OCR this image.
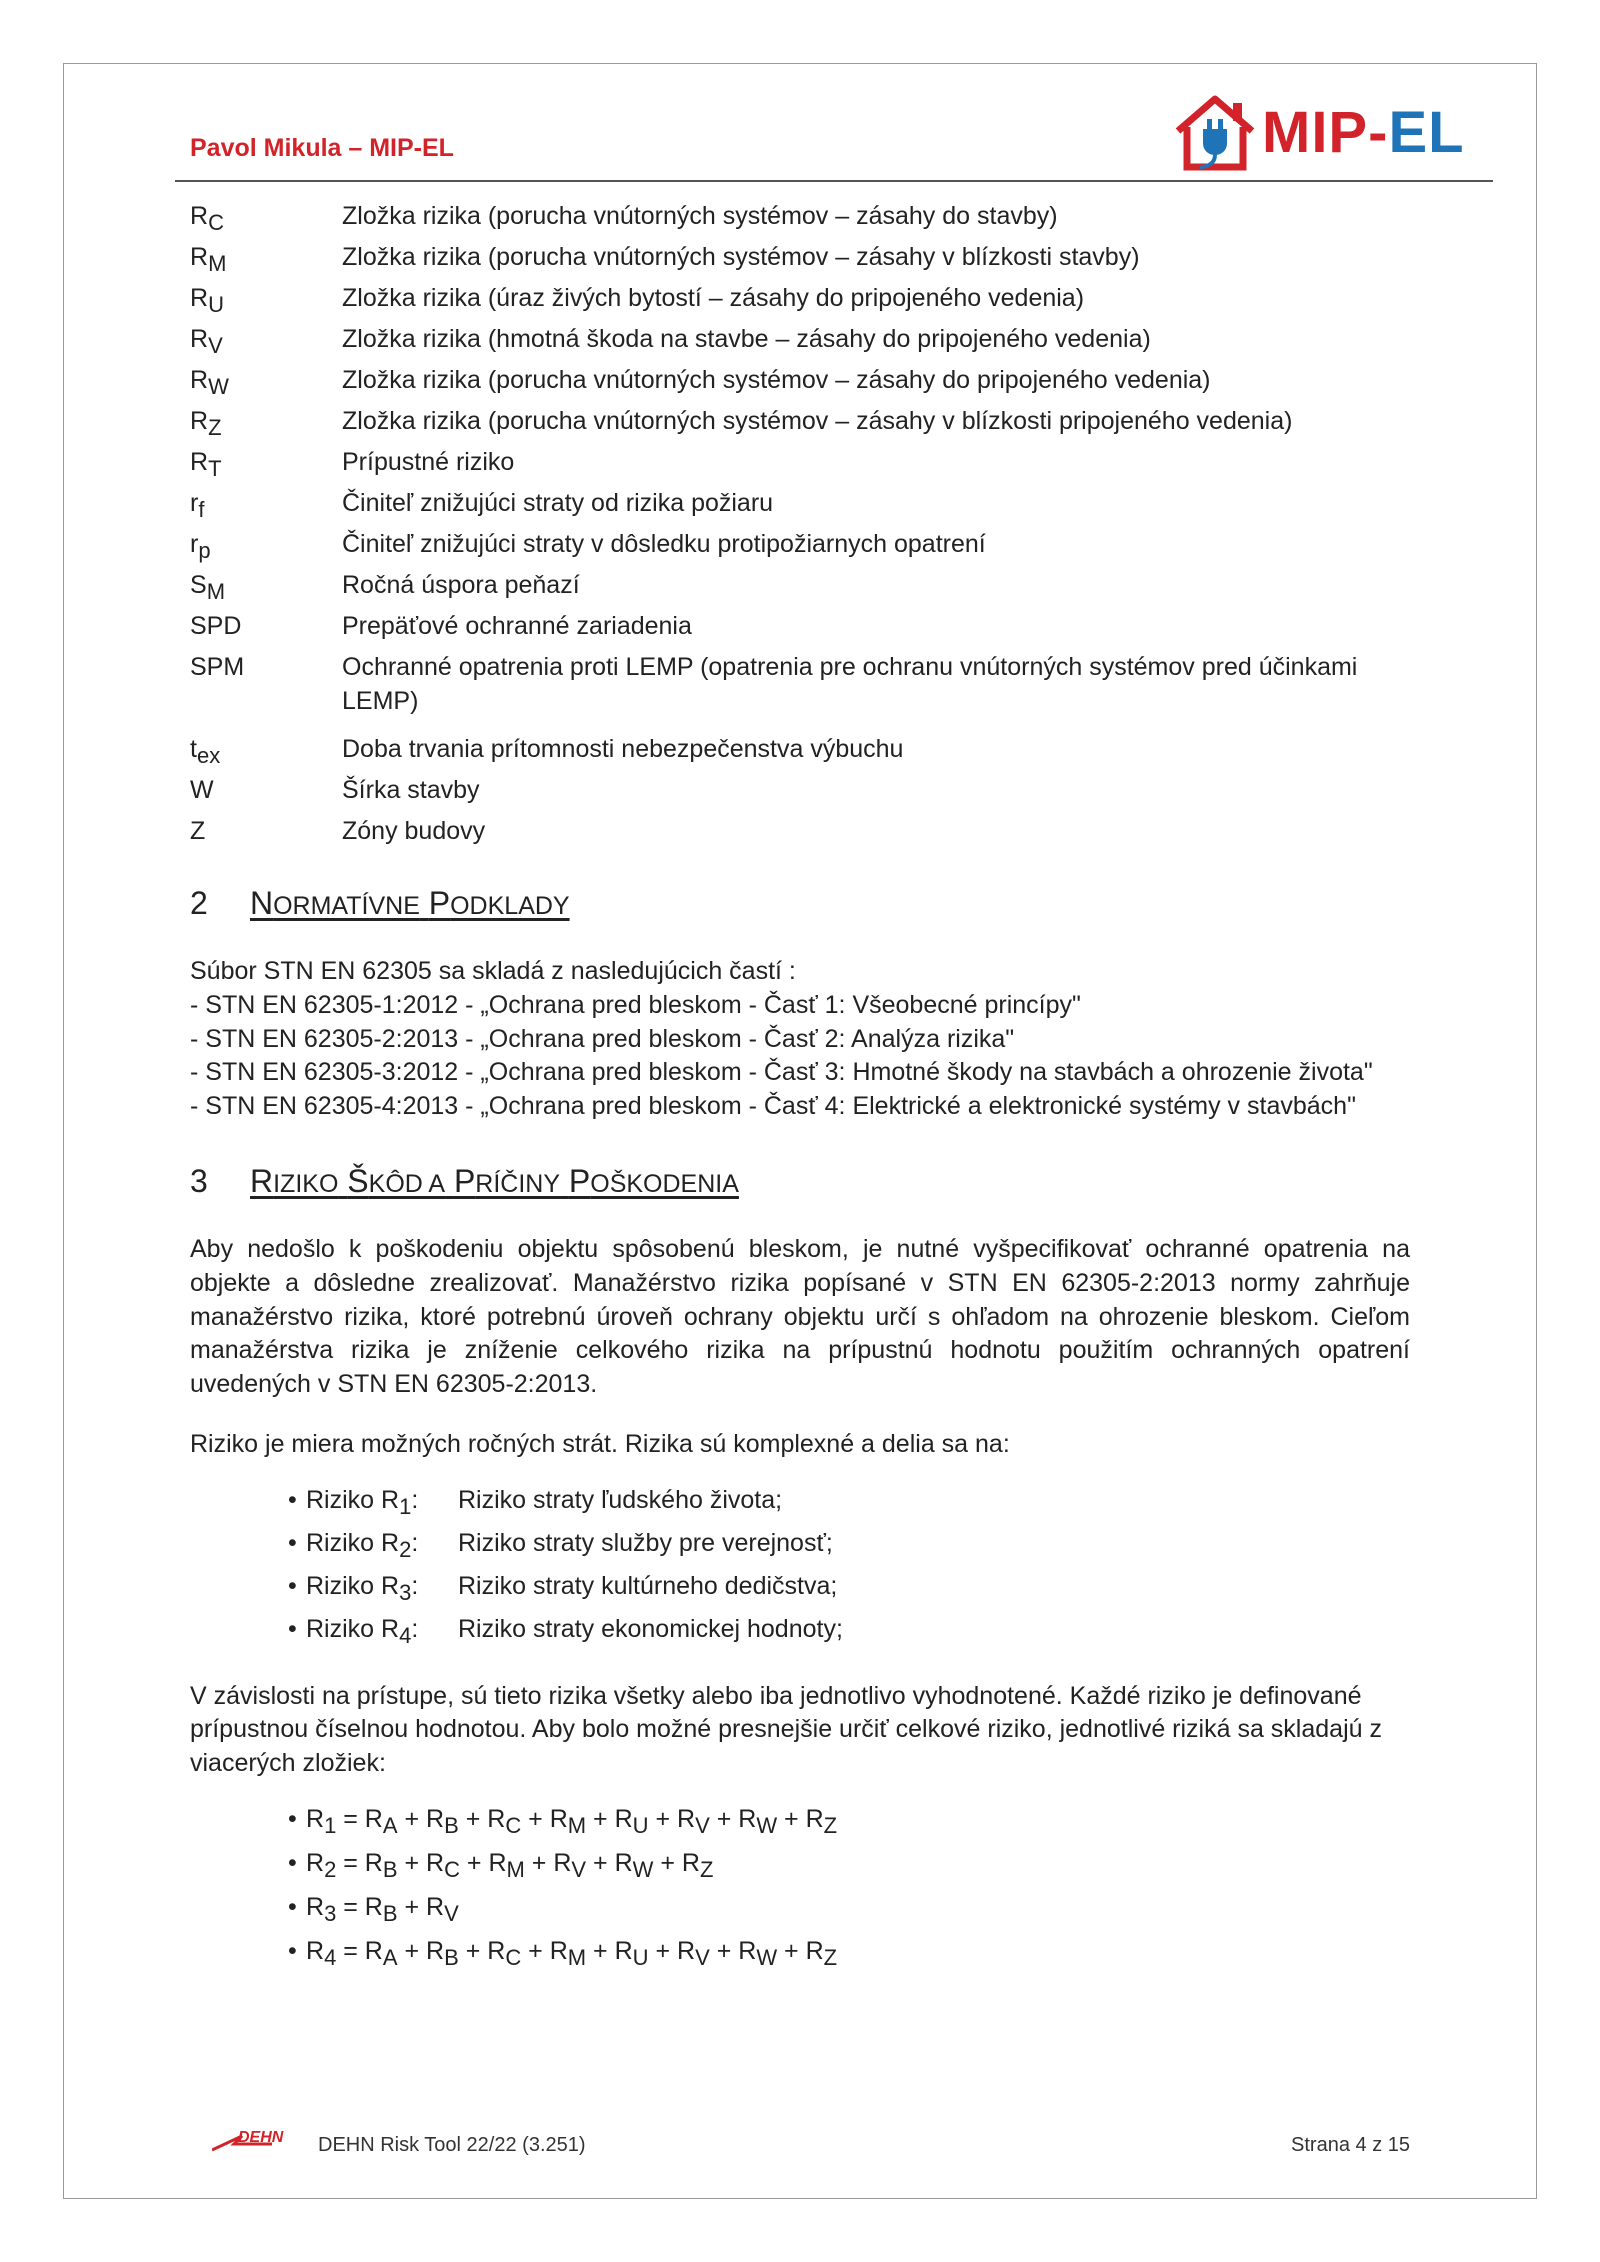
Pavol Mikula – MIP-EL	MIP-EL
$R_C$	Zložka rizika (porucha vnútorných systémov – zásahy do stavby)
$R_M$	Zložka rizika (porucha vnútorných systémov – zásahy v blízkosti stavby)
$R_U$	Zložka rizika (úraz živých bytostí – zásahy do pripojeného vedenia)
$R_V$	Zložka rizika (hmotná škoda na stavbe – zásahy do pripojeného vedenia)
$R_W$	Zložka rizika (porucha vnútorných systémov – zásahy do pripojeného vedenia)
$R_Z$	Zložka rizika (porucha vnútorných systémov – zásahy v blízkosti pripojeného vedenia)
$R_T$	Prípustné riziko
$r_f$	Činiteľ znižujúci straty od rizika požiaru
$r_p$	Činiteľ znižujúci straty v dôsledku protipožiarnych opatrení
$S_M$	Ročná úspora peňazí
SPD	Prepäťové ochranné zariadenia
SPM	Ochranné opatrenia proti LEMP (opatrenia pre ochranu vnútorných systémov pred účinkami LEMP)
$t_{ex}$	Doba trvania prítomnosti nebezpečenstva výbuchu
W	Šírka stavby
Z	Zóny budovy
2	NORMATÍVNE PODKLADY
Súbor STN EN 62305 sa skladá z nasledujúcich častí :
- STN EN 62305-1:2012 - „Ochrana pred bleskom - Časť 1: Všeobecné princípy"
- STN EN 62305-2:2013 - „Ochrana pred bleskom - Časť 2: Analýza rizika"
- STN EN 62305-3:2012 - „Ochrana pred bleskom - Časť 3: Hmotné škody na stavbách a ohrozenie života"
- STN EN 62305-4:2013 - „Ochrana pred bleskom - Časť 4: Elektrické a elektronické systémy v stavbách"
3	RIZIKO ŠKÔD A PRÍČINY POŠKODENIA
Aby nedošlo k poškodeniu objektu spôsobenú bleskom, je nutné vyšpecifikovať ochranné opatrenia na objekte a dôsledne zrealizovať. Manažérstvo rizika popísané v STN EN 62305-2:2013 normy zahrňuje manažérstvo rizika, ktoré potrebnú úroveň ochrany objektu určí s ohľadom na ohrozenie bleskom. Cieľom manažérstva rizika je zníženie celkového rizika na prípustnú hodnotu použitím ochranných opatrení uvedených v STN EN 62305-2:2013.
Riziko je miera možných ročných strát. Rizika sú komplexné a delia sa na:
• Riziko $R_1$:	Riziko straty ľudského života;
• Riziko $R_2$:	Riziko straty služby pre verejnosť;
• Riziko $R_3$:	Riziko straty kultúrneho dedičstva;
• Riziko $R_4$:	Riziko straty ekonomickej hodnoty;
V závislosti na prístupe, sú tieto rizika všetky alebo iba jednotlivo vyhodnotené. Každé riziko je definované prípustnou číselnou hodnotou. Aby bolo možné presnejšie určiť celkové riziko, jednotlivé riziká sa skladajú z viacerých zložiek:
• $R_1 = R_A + R_B + R_C + R_M + R_U + R_V + R_W + R_Z$
• $R_2 = R_B + R_C + R_M + R_V + R_W + R_Z$
• $R_3 = R_B + R_V$
• $R_4 = R_A + R_B + R_C + R_M + R_U + R_V + R_W + R_Z$
DEHN DEHN Risk Tool 22/22 (3.251)	Strana 4 z 15
